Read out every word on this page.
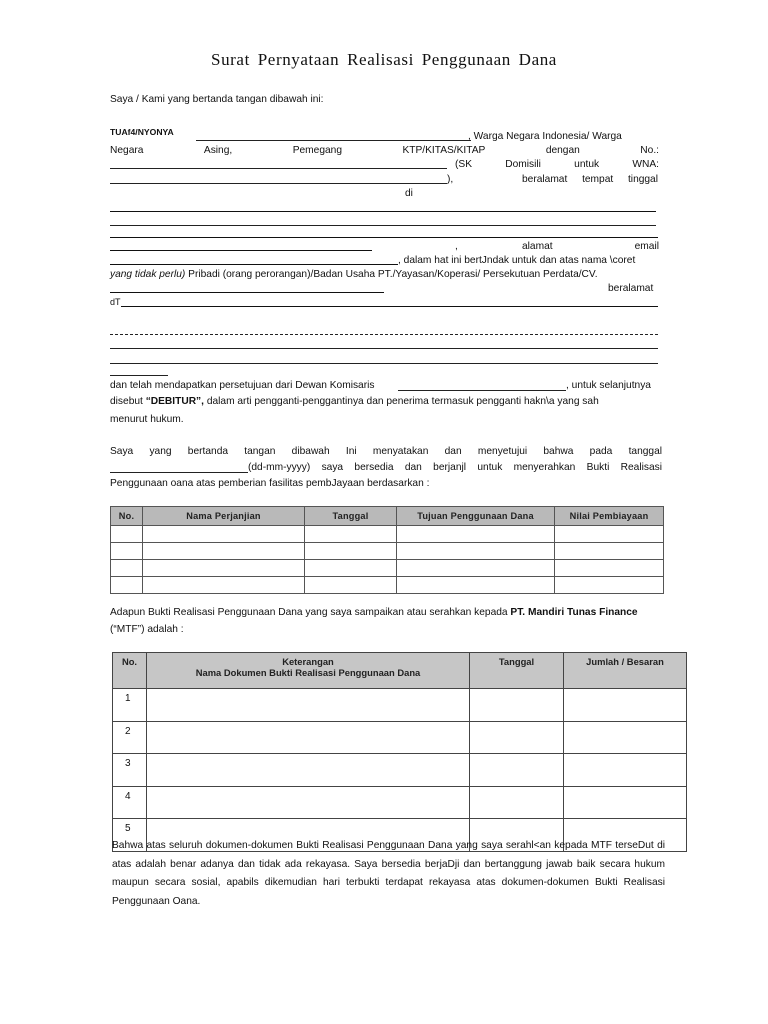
Surat Pernyataan Realisasi Penggunaan Dana
Saya / Kami yang bertanda tangan dibawah ini:
TUAf4/NYONYA	, Warga Negara Indonesia/ Warga
Negara	Asing,	Pemegang	KTP/KITAS/KITAP	dengan	No.:
(SK	Domisili	untuk	WNA:
),	beralamat tempat tinggal
di
,	alamat	email
, dalam hat ini bertJndak untuk dan atas nama \coret
yang tidak perlu) Pribadi (orang perorangan)/Badan Usaha PT./Yayasan/Koperasi/ Persekutuan Perdata/CV.
beralamat
dT
dan telah mendapatkan persetujuan dari Dewan Komisaris	, untuk selanjutnya
disebut “DEBITUR”, dalam arti pengganti-penggantinya dan penerima termasuk pengganti hakn\a yang sah
menurut hukum.
Saya yang bertanda tangan dibawah Ini menyatakan dan menyetujui bahwa pada tanggal
(dd-mm-yyyy) saya bersedia dan berjanjl untuk menyerahkan Bukti Realisasi
Penggunaan oana atas pemberian fasilitas pembJayaan berdasarkan :
No.	Nama Perjanjian	Tanggal	Tujuan Penggunaan Dana	Nilai Pembiayaan

Adapun Bukti Realisasi Penggunaan Dana yang saya sampaikan atau serahkan kepada PT. Mandiri Tunas Finance
(“MTF”) adalah :
No.	Keterangan
Nama Dokumen Bukti Realisasi Penggunaan Dana	Tanggal	Jumlah / Besaran
1			
2			
3			
4			
5			
Bahwa atas seluruh dokumen-dokumen Bukti Realisasi Penggunaan Dana yang saya serahl<an kepada MTF terseDut di atas adalah benar adanya dan tidak ada rekayasa. Saya bersedia berjaDji dan bertanggung jawab baik secara hukum maupun secara sosial, apabils dikemudian hari terbukti terdapat rekayasa atas dokumen-dokumen Bukti Realisasi Penggunaan Oana.
